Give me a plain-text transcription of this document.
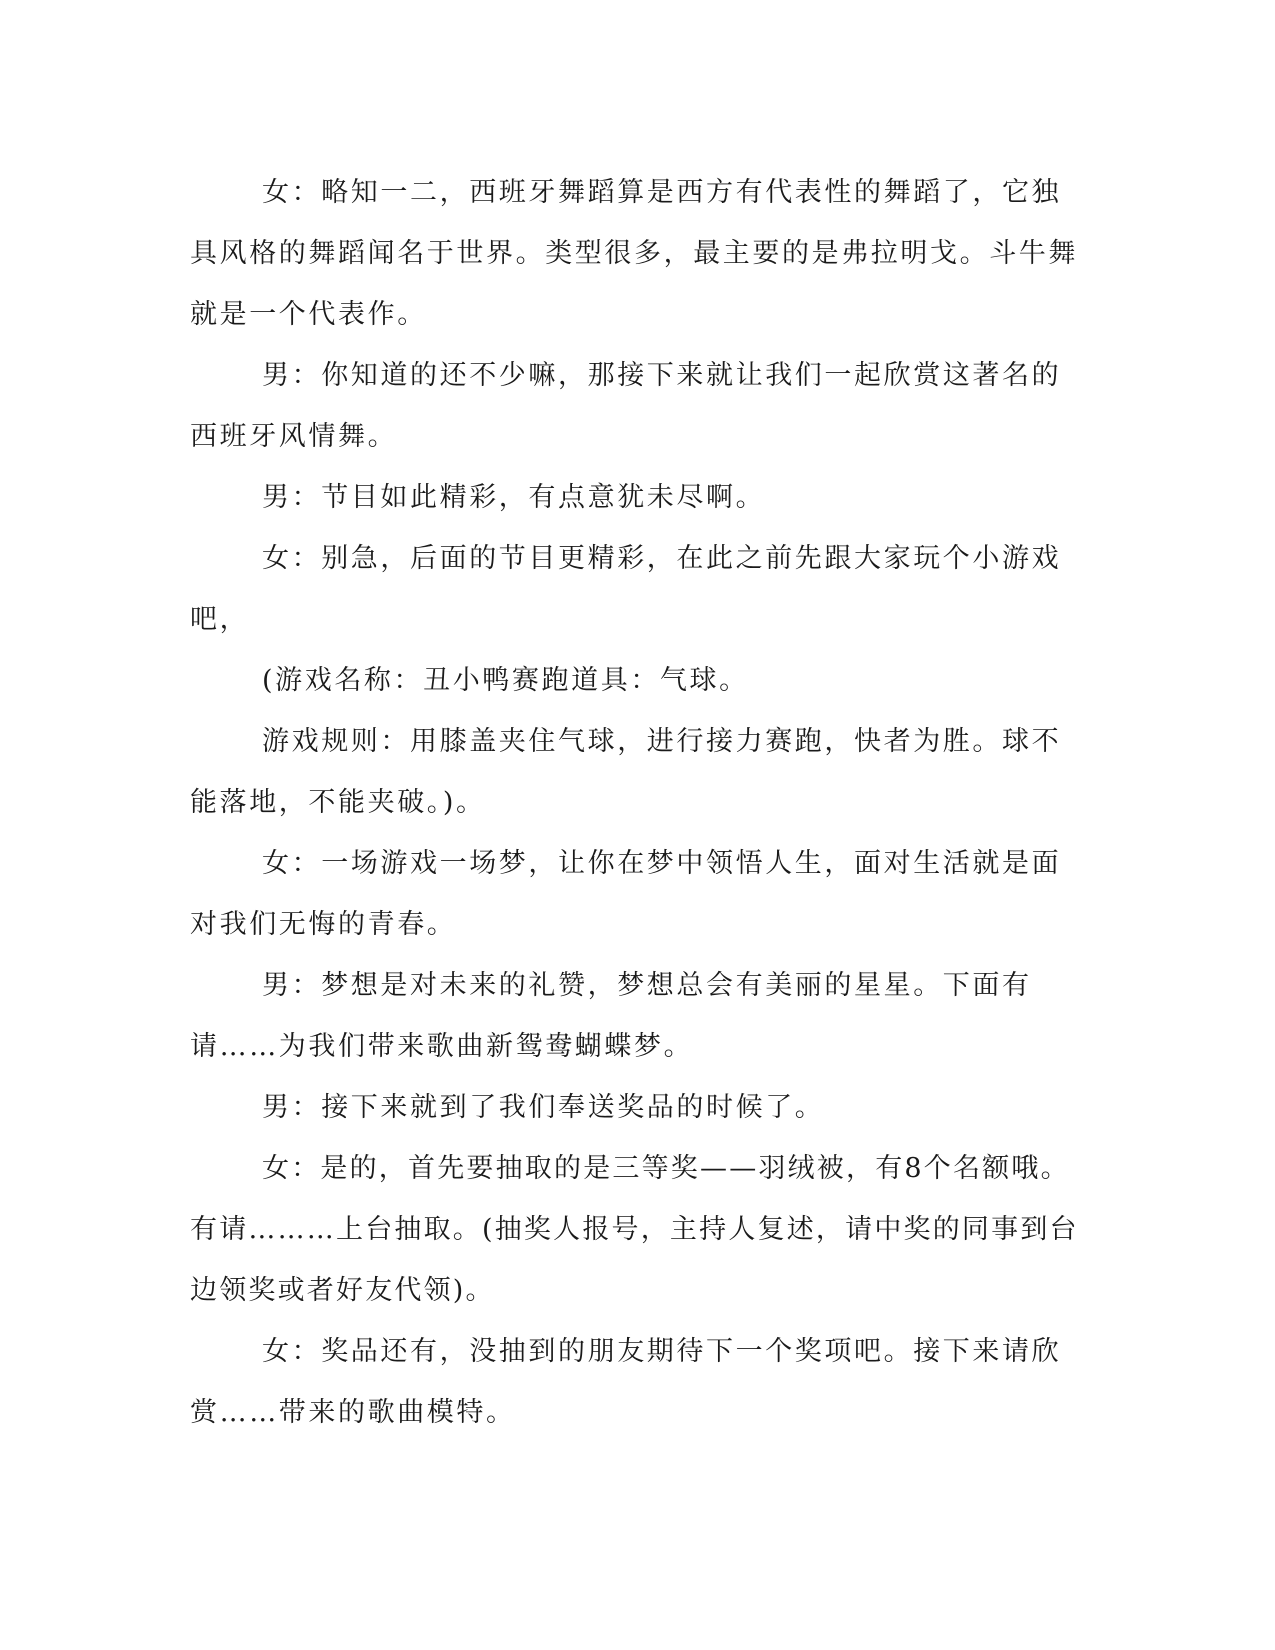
女：略知一二，西班牙舞蹈算是西方有代表性的舞蹈了，它独具风格的舞蹈闻名于世界。类型很多，最主要的是弗拉明戈。斗牛舞就是一个代表作。

男：你知道的还不少嘛，那接下来就让我们一起欣赏这著名的西班牙风情舞。

男：节目如此精彩，有点意犹未尽啊。

女：别急，后面的节目更精彩，在此之前先跟大家玩个小游戏吧，

(游戏名称：丑小鸭赛跑道具：气球。

游戏规则：用膝盖夹住气球，进行接力赛跑，快者为胜。球不能落地，不能夹破。)。

女：一场游戏一场梦，让你在梦中领悟人生，面对生活就是面对我们无悔的青春。

男：梦想是对未来的礼赞，梦想总会有美丽的星星。下面有请……为我们带来歌曲新鸳鸯蝴蝶梦。

男：接下来就到了我们奉送奖品的时候了。

女：是的，首先要抽取的是三等奖——羽绒被，有8个名额哦。有请………上台抽取。(抽奖人报号，主持人复述，请中奖的同事到台边领奖或者好友代领)。

女：奖品还有，没抽到的朋友期待下一个奖项吧。接下来请欣赏……带来的歌曲模特。
